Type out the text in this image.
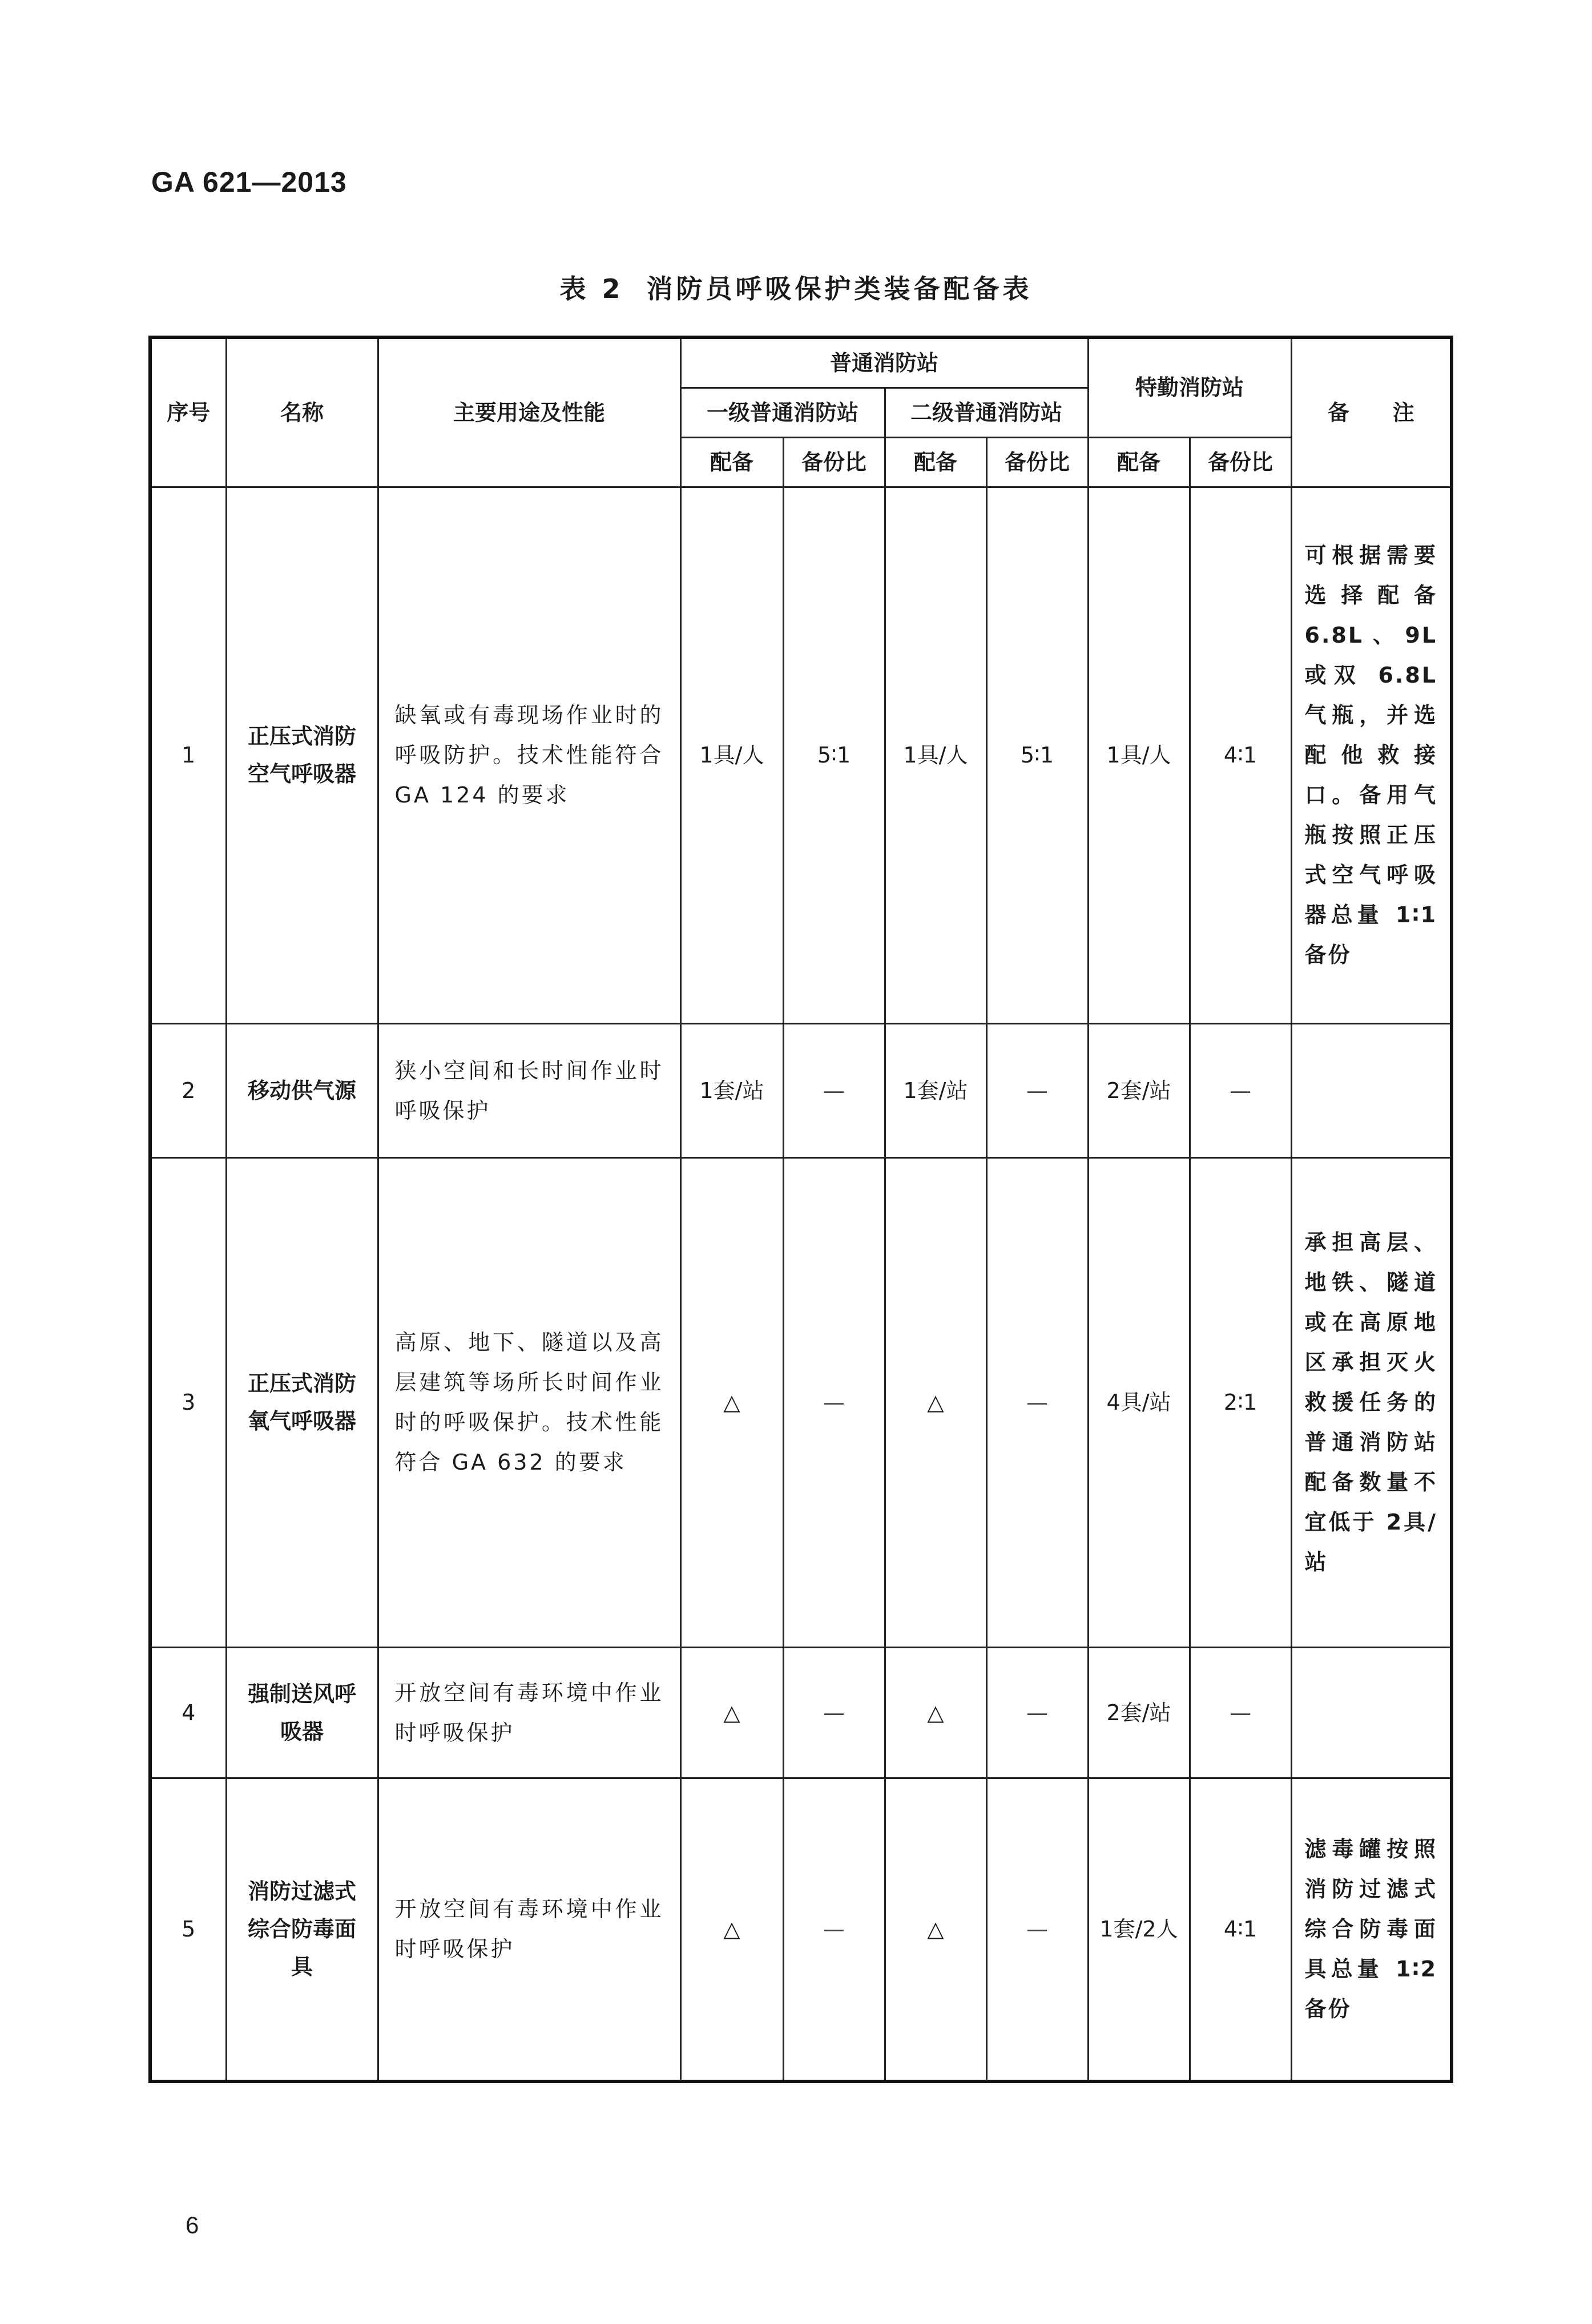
GA 621—2013
表 2 消防员呼吸保护类装备配备表
序号	名称	主要用途及性能	普通消防站				特勤消防站		备　　注
			一级普通消防站		二级普通消防站				
			配备	备份比	配备	备份比	配备	备份比	
1	正压式消防空气呼吸器	缺氧或有毒现场作业时的呼吸防护。技术性能符合 GA 124 的要求	1具/人	5∶1	1具/人	5∶1	1具/人	4∶1	可根据需要选择配备 6.8L、9L 或双 6.8L 气瓶，并选配他救接口。备用气瓶按照正压式空气呼吸器总量 1∶1 备份
2	移动供气源	狭小空间和长时间作业时呼吸保护	1套/站	—	1套/站	—	2套/站	—	
3	正压式消防氧气呼吸器	高原、地下、隧道以及高层建筑等场所长时间作业时的呼吸保护。技术性能符合 GA 632 的要求	△	—	△	—	4具/站	2∶1	承担高层、地铁、隧道或在高原地区承担灭火救援任务的普通消防站配备数量不宜低于 2具/站
4	强制送风呼吸器	开放空间有毒环境中作业时呼吸保护	△	—	△	—	2套/站	—	
5	消防过滤式综合防毒面具	开放空间有毒环境中作业时呼吸保护	△	—	△	—	1套/2人	4∶1	滤毒罐按照消防过滤式综合防毒面具总量 1∶2 备份
6
